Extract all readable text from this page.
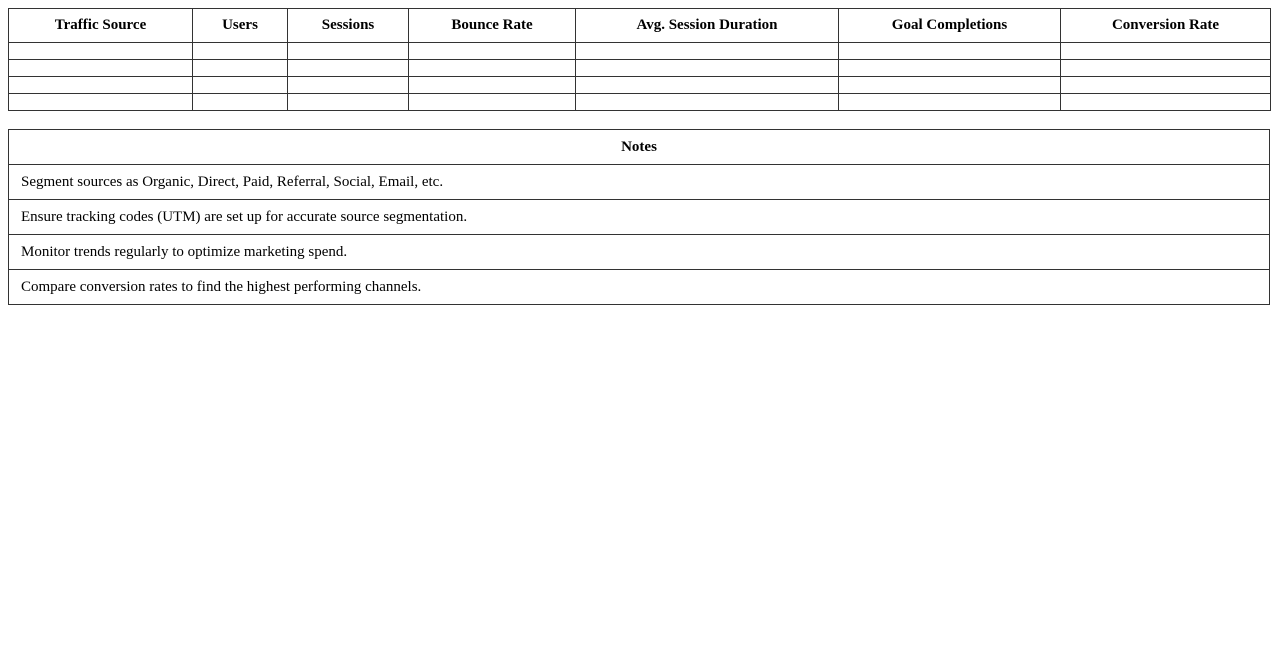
Traffic Source	Users	Sessions	Bounce Rate	Avg. Session Duration	Goal Completions	Conversion Rate

Notes
Segment sources as Organic, Direct, Paid, Referral, Social, Email, etc.
Ensure tracking codes (UTM) are set up for accurate source segmentation.
Monitor trends regularly to optimize marketing spend.
Compare conversion rates to find the highest performing channels.
